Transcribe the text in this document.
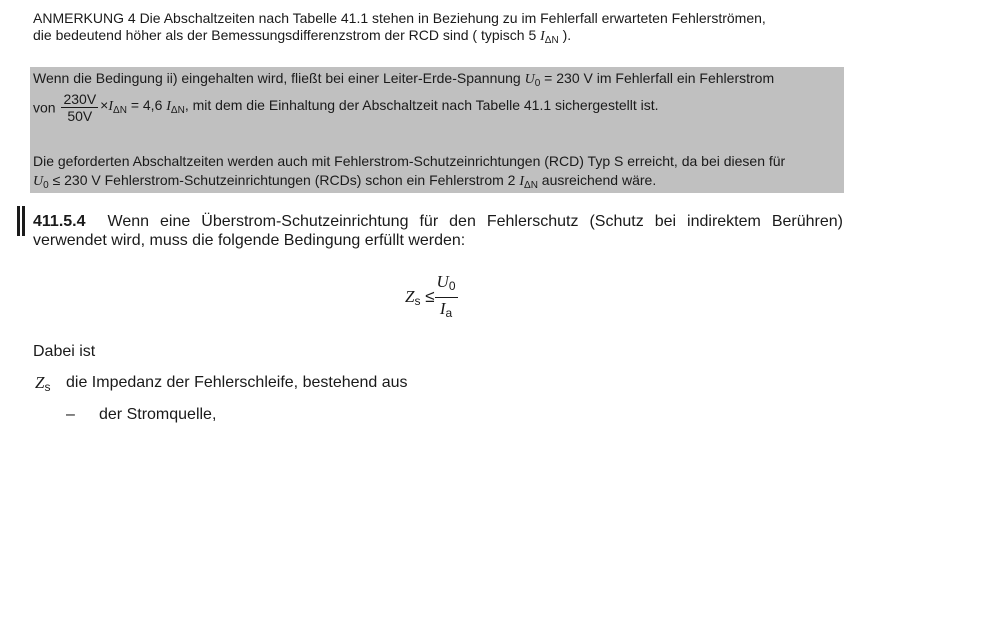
ANMERKUNG 4 Die Abschaltzeiten nach Tabelle 41.1 stehen in Beziehung zu im Fehlerfall erwarteten Fehlerströmen,
die bedeutend höher als der Bemessungsdifferenzstrom der RCD sind ( typisch 5 $I_{\Delta N}$ ).
Wenn die Bedingung ii) eingehalten wird, fließt bei einer Leiter-Erde-Spannung $U_0 = 230$ V im Fehlerfall ein Fehlerstrom
von $\frac{230V}{50V} \times I_{\Delta N} = 4,6$ $I_{\Delta N}$, mit dem die Einhaltung der Abschaltzeit nach Tabelle 41.1 sichergestellt ist.
Die geforderten Abschaltzeiten werden auch mit Fehlerstrom-Schutzeinrichtungen (RCD) Typ S erreicht, da bei diesen für
$U_0 \le 230$ V Fehlerstrom-Schutzeinrichtungen (RCDs) schon ein Fehlerstrom 2 $I_{\Delta N}$ ausreichend wäre.
411.5.4 Wenn eine Überstrom-Schutzeinrichtung für den Fehlerschutz (Schutz bei indirektem Berühren) verwendet wird, muss die folgende Bedingung erfüllt werden:
$Z_s \le \frac{U_0}{I_a}$
Dabei ist
$Z_s$ die Impedanz der Fehlerschleife, bestehend aus
– der Stromquelle,
